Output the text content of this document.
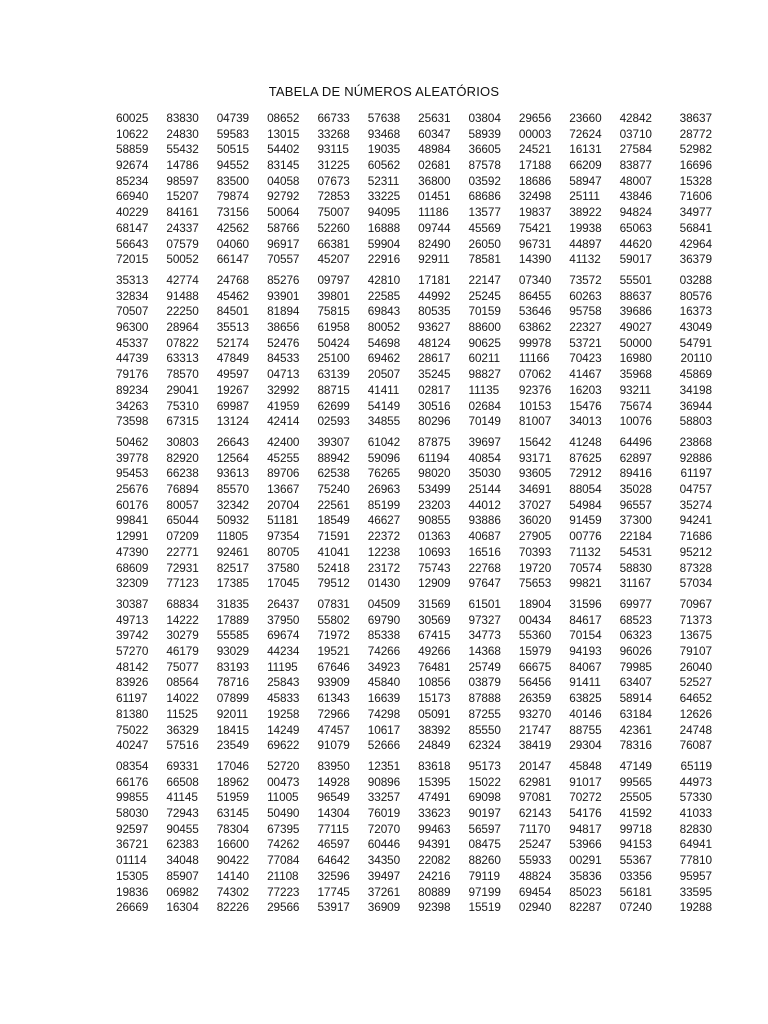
TABELA DE NÚMEROS ALEATÓRIOS
60025	83830	04739	08652	66733	57638	25631	03804	29656	23660	42842	38637
10622	24830	59583	13015	33268	93468	60347	58939	00003	72624	03710	28772
58859	55432	50515	54402	93115	19035	48984	36605	24521	16131	27584	52982
92674	14786	94552	83145	31225	60562	02681	87578	17188	66209	83877	16696
85234	98597	83500	04058	07673	52311	36800	03592	18686	58947	48007	15328
66940	15207	79874	92792	72853	33225	01451	68686	32498	25111	43846	71606
40229	84161	73156	50064	75007	94095	11186	13577	19837	38922	94824	34977
68147	24337	42562	58766	52260	16888	09744	45569	75421	19938	65063	56841
56643	07579	04060	96917	66381	59904	82490	26050	96731	44897	44620	42964
72015	50052	66147	70557	45207	22916	92911	78581	14390	41132	59017	36379
35313	42774	24768	85276	09797	42810	17181	22147	07340	73572	55501	03288
32834	91488	45462	93901	39801	22585	44992	25245	86455	60263	88637	80576
70507	22250	84501	81894	75815	69843	80535	70159	53646	95758	39686	16373
96300	28964	35513	38656	61958	80052	93627	88600	63862	22327	49027	43049
45337	07822	52174	52476	50424	54698	48124	90625	99978	53721	50000	54791
44739	63313	47849	84533	25100	69462	28617	60211	11166	70423	16980	20110
79176	78570	49597	04713	63139	20507	35245	98827	07062	41467	35968	45869
89234	29041	19267	32992	88715	41411	02817	11135	92376	16203	93211	34198
34263	75310	69987	41959	62699	54149	30516	02684	10153	15476	75674	36944
73598	67315	13124	42414	02593	34855	80296	70149	81007	34013	10076	58803
50462	30803	26643	42400	39307	61042	87875	39697	15642	41248	64496	23868
39778	82920	12564	45255	88942	59096	61194	40854	93171	87625	62897	92886
95453	66238	93613	89706	62538	76265	98020	35030	93605	72912	89416	61197
25676	76894	85570	13667	75240	26963	53499	25144	34691	88054	35028	04757
60176	80057	32342	20704	22561	85199	23203	44012	37027	54984	96557	35274
99841	65044	50932	51181	18549	46627	90855	93886	36020	91459	37300	94241
12991	07209	11805	97354	71591	22372	01363	40687	27905	00776	22184	71686
47390	22771	92461	80705	41041	12238	10693	16516	70393	71132	54531	95212
68609	72931	82517	37580	52418	23172	75743	22768	19720	70574	58830	87328
32309	77123	17385	17045	79512	01430	12909	97647	75653	99821	31167	57034
30387	68834	31835	26437	07831	04509	31569	61501	18904	31596	69977	70967
49713	14222	17889	37950	55802	69790	30569	97327	00434	84617	68523	71373
39742	30279	55585	69674	71972	85338	67415	34773	55360	70154	06323	13675
57270	46179	93029	44234	19521	74266	49266	14368	15979	94193	96026	79107
48142	75077	83193	11195	67646	34923	76481	25749	66675	84067	79985	26040
83926	08564	78716	25843	93909	45840	10856	03879	56456	91411	63407	52527
61197	14022	07899	45833	61343	16639	15173	87888	26359	63825	58914	64652
81380	11525	92011	19258	72966	74298	05091	87255	93270	40146	63184	12626
75022	36329	18415	14249	47457	10617	38392	85550	21747	88755	42361	24748
40247	57516	23549	69622	91079	52666	24849	62324	38419	29304	78316	76087
08354	69331	17046	52720	83950	12351	83618	95173	20147	45848	47149	65119
66176	66508	18962	00473	14928	90896	15395	15022	62981	91017	99565	44973
99855	41145	51959	11005	96549	33257	47491	69098	97081	70272	25505	57330
58030	72943	63145	50490	14304	76019	33623	90197	62143	54176	41592	41033
92597	90455	78304	67395	77115	72070	99463	56597	71170	94817	99718	82830
36721	62383	16600	74262	46597	60446	94391	08475	25247	53966	94153	64941
01114	34048	90422	77084	64642	34350	22082	88260	55933	00291	55367	77810
15305	85907	14140	21108	32596	39497	24216	79119	48824	35836	03356	95957
19836	06982	74302	77223	17745	37261	80889	97199	69454	85023	56181	33595
26669	16304	82226	29566	53917	36909	92398	15519	02940	82287	07240	19288
